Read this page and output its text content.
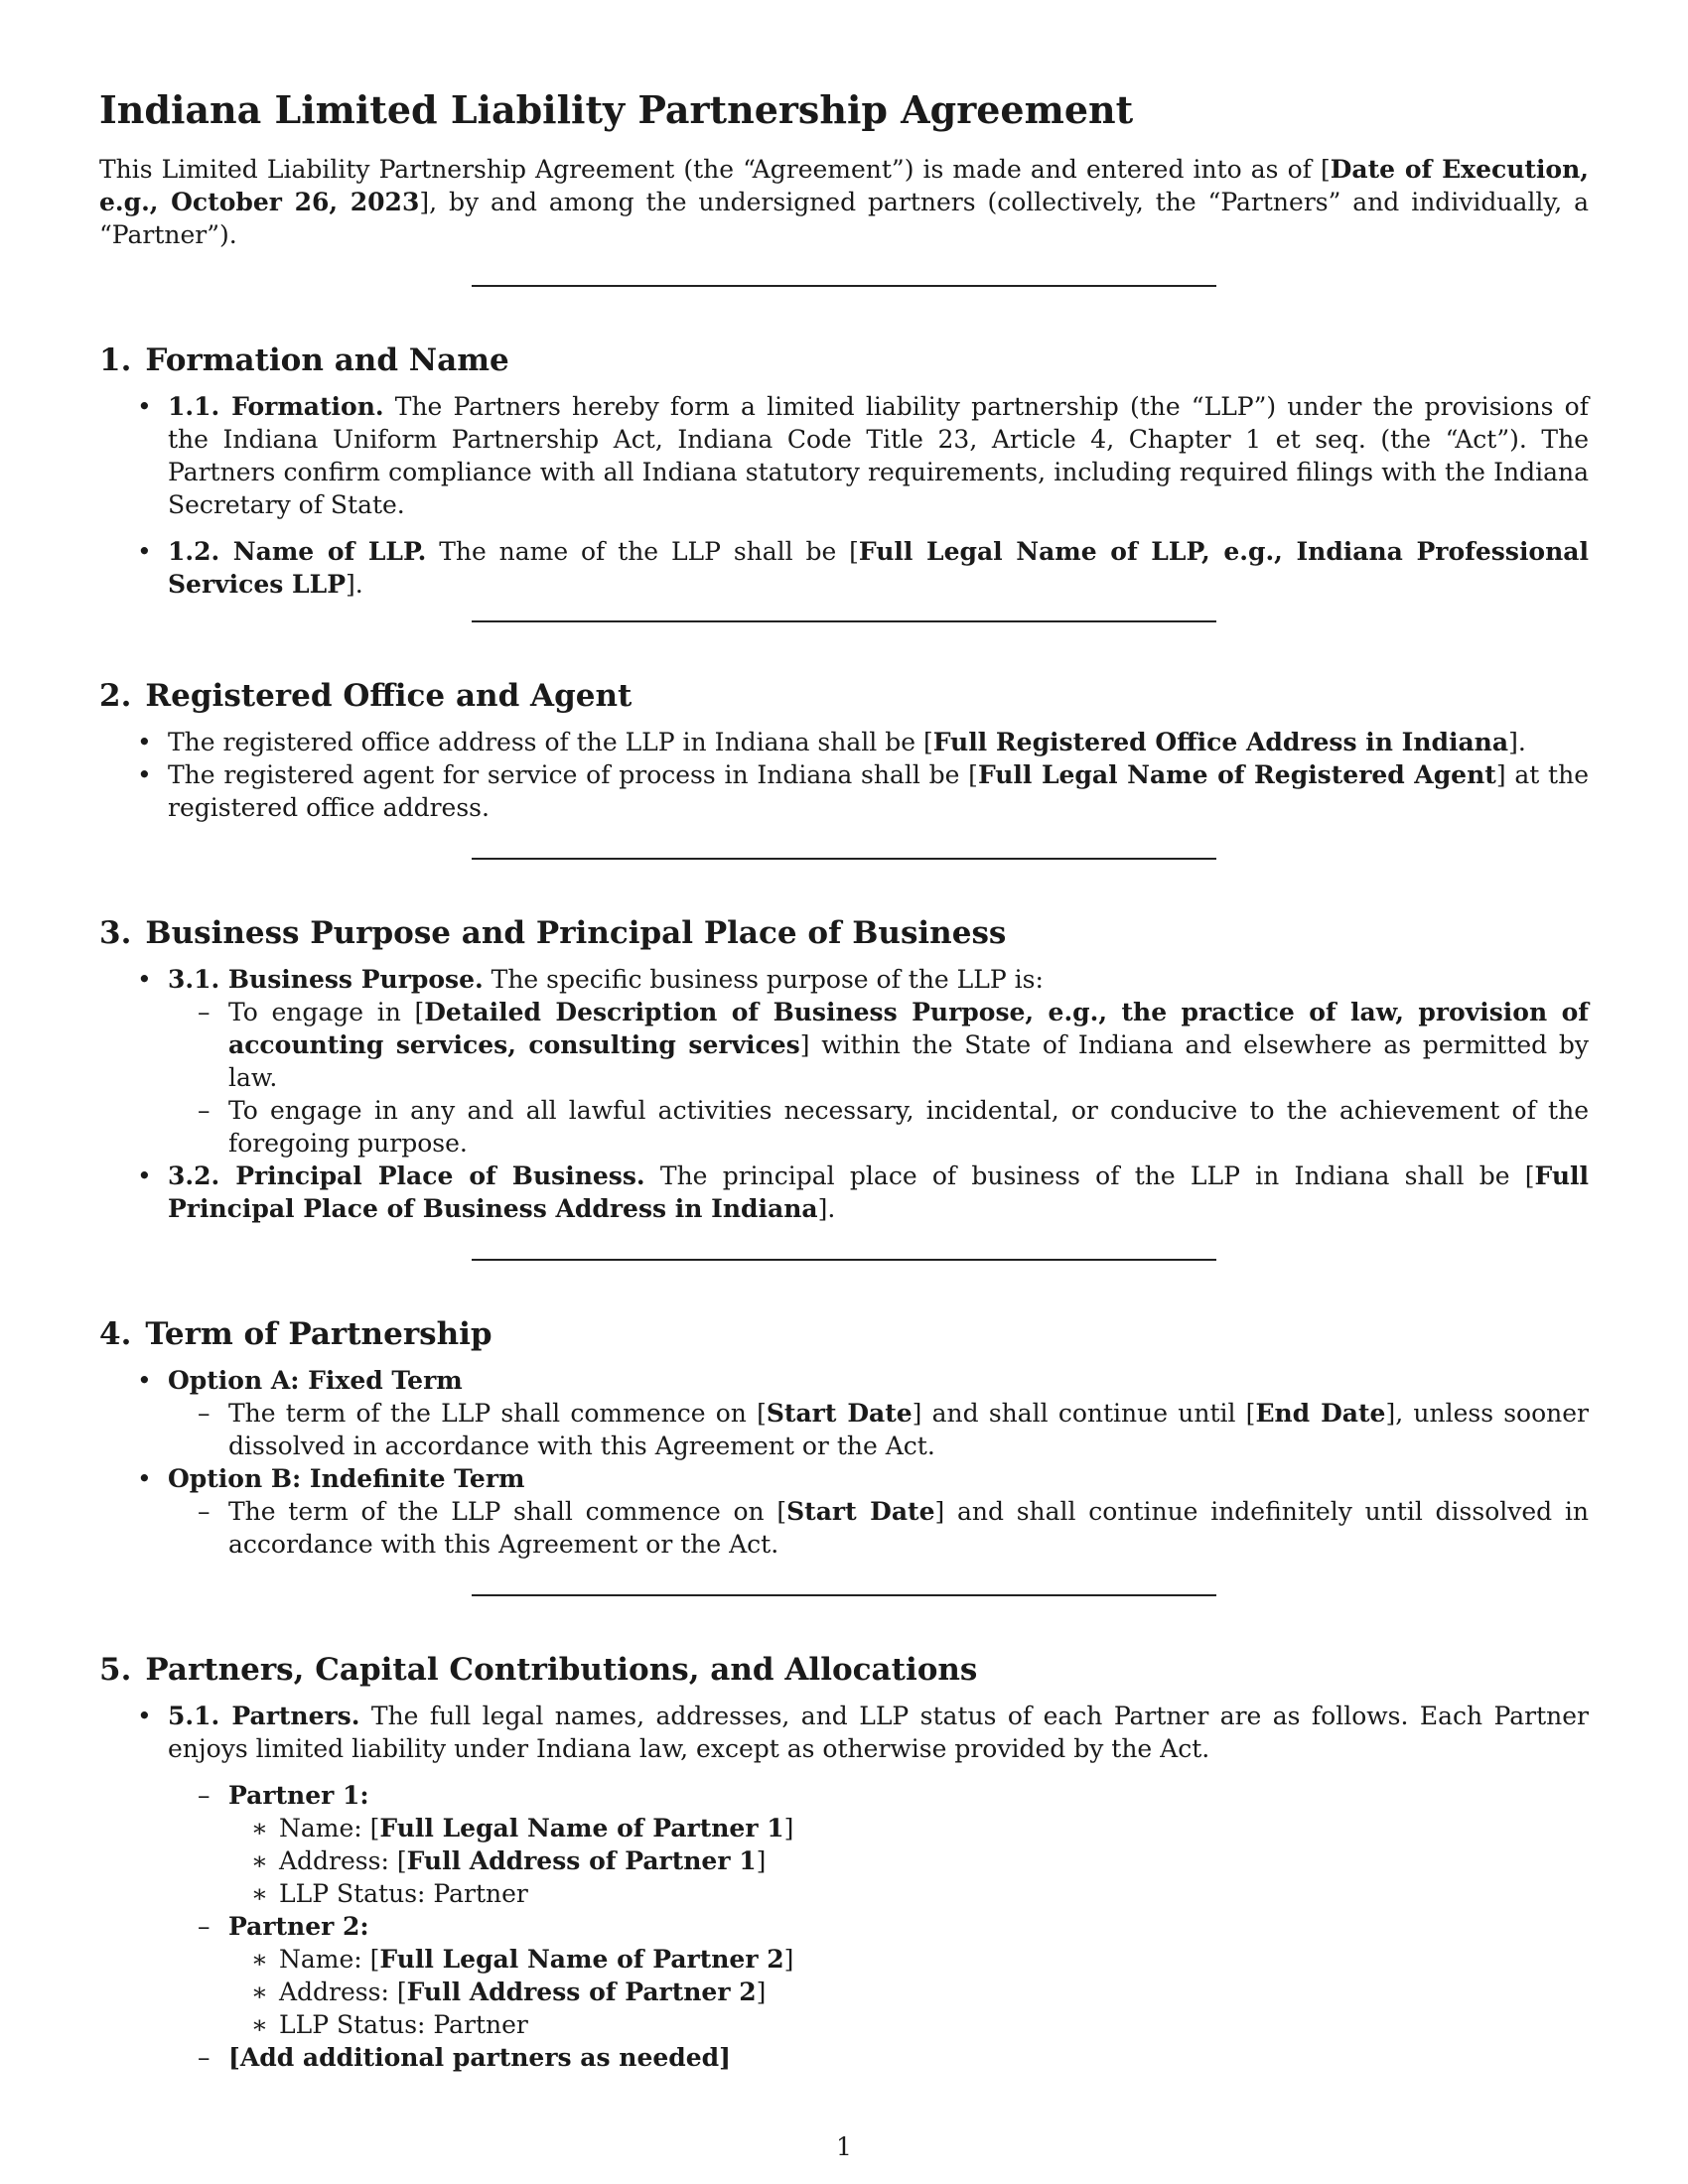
Indiana Limited Liability Partnership Agreement

This Limited Liability Partnership Agreement (the “Agreement”) is made and entered into as of [Date of Execution, e.g., October 26, 2023], by and among the undersigned partners (collectively, the “Partners” and individually, a “Partner”).

1. Formation and Name
• 1.1. Formation. The Partners hereby form a limited liability partnership (the “LLP”) under the provisions of the Indiana Uniform Partnership Act, Indiana Code Title 23, Article 4, Chapter 1 et seq. (the “Act”). The Partners confirm compliance with all Indiana statutory requirements, including required filings with the Indiana Secretary of State.
• 1.2. Name of LLP. The name of the LLP shall be [Full Legal Name of LLP, e.g., Indiana Professional Services LLP].
2. Registered Office and Agent
• The registered office address of the LLP in Indiana shall be [Full Registered Office Address in Indiana].
• The registered agent for service of process in Indiana shall be [Full Legal Name of Registered Agent] at the registered office address.
3. Business Purpose and Principal Place of Business
• 3.1. Business Purpose. The specific business purpose of the LLP is:
– To engage in [Detailed Description of Business Purpose, e.g., the practice of law, provision of accounting services, consulting services] within the State of Indiana and elsewhere as permitted by law.
– To engage in any and all lawful activities necessary, incidental, or conducive to the achievement of the foregoing purpose.
• 3.2. Principal Place of Business. The principal place of business of the LLP in Indiana shall be [Full Principal Place of Business Address in Indiana].
4. Term of Partnership
• Option A: Fixed Term
– The term of the LLP shall commence on [Start Date] and shall continue until [End Date], unless sooner dissolved in accordance with this Agreement or the Act.
• Option B: Indefinite Term
– The term of the LLP shall commence on [Start Date] and shall continue indefinitely until dissolved in accordance with this Agreement or the Act.
5. Partners, Capital Contributions, and Allocations
• 5.1. Partners. The full legal names, addresses, and LLP status of each Partner are as follows. Each Partner enjoys limited liability under Indiana law, except as otherwise provided by the Act.
– Partner 1:
∗ Name: [Full Legal Name of Partner 1]
∗ Address: [Full Address of Partner 1]
∗ LLP Status: Partner
– Partner 2:
∗ Name: [Full Legal Name of Partner 2]
∗ Address: [Full Address of Partner 2]
∗ LLP Status: Partner
– [Add additional partners as needed]
1
